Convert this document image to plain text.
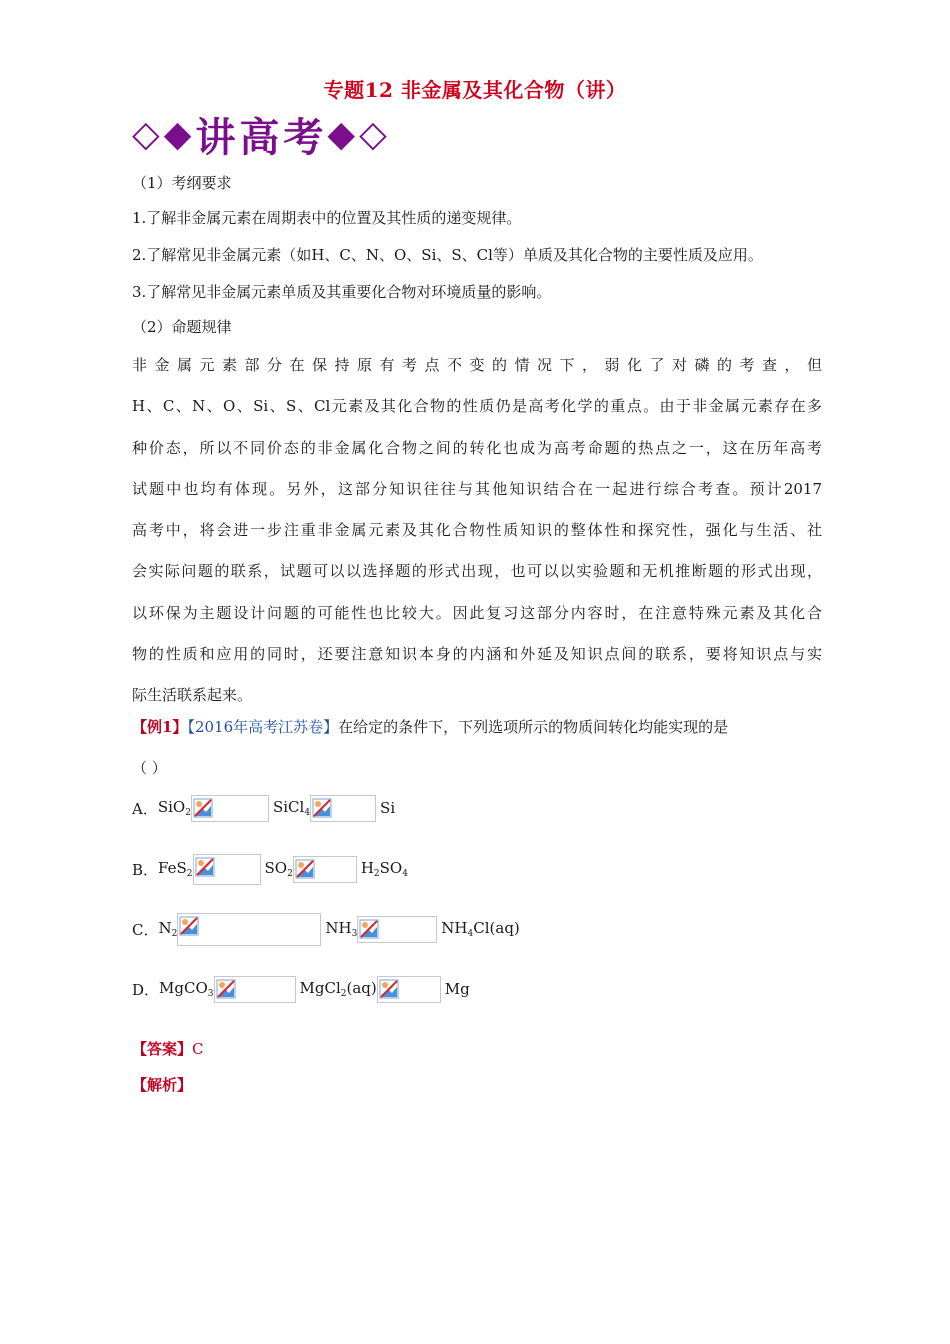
专题12 非金属及其化合物（讲）
◇ ◆ 讲高考 ◆ ◇
（1）考纲要求
1.了解非金属元素在周期表中的位置及其性质的递变规律。
2.了解常见非金属元素（如H、C、N、O、Si、S、Cl等）单质及其化合物的主要性质及应用。
3.了解常见非金属元素单质及其重要化合物对环境质量的影响。
（2）命题规律
非 金 属 元 素 部 分 在 保 持 原 有 考 点 不 变 的 情 况 下 ， 弱 化 了 对 磷 的 考 查 ， 但
H、C、N、O、Si、S、Cl元素及其化合物的性质仍是高考化学的重点。由于非金属元素存在多
种价态，所以不同价态的非金属化合物之间的转化也成为高考命题的热点之一，这在历年高考
试题中也均有体现。另外，这部分知识往往与其他知识结合在一起进行综合考查。预计2017
高考中，将会进一步注重非金属元素及其化合物性质知识的整体性和探究性，强化与生活、社
会实际问题的联系，试题可以以选择题的形式出现，也可以以实验题和无机推断题的形式出现，
以环保为主题设计问题的可能性也比较大。因此复习这部分内容时，在注意特殊元素及其化合
物的性质和应用的同时，还要注意知识本身的内涵和外延及知识点间的联系，要将知识点与实
际生活联系起来。
【例1】【2016年高考江苏卷】在给定的条件下，下列选项所示的物质间转化均能实现的是
（ ）
A． SiO$_2$	SiCl$_4$	Si
B． FeS$_2$	$SO_2$	$H_2SO_4$
C． $N_2$	$NH_3$	$NH_4Cl(aq)$
D． MgCO$_3$	MgCl$_2$(aq)	Mg
【答案】C
【解析】
